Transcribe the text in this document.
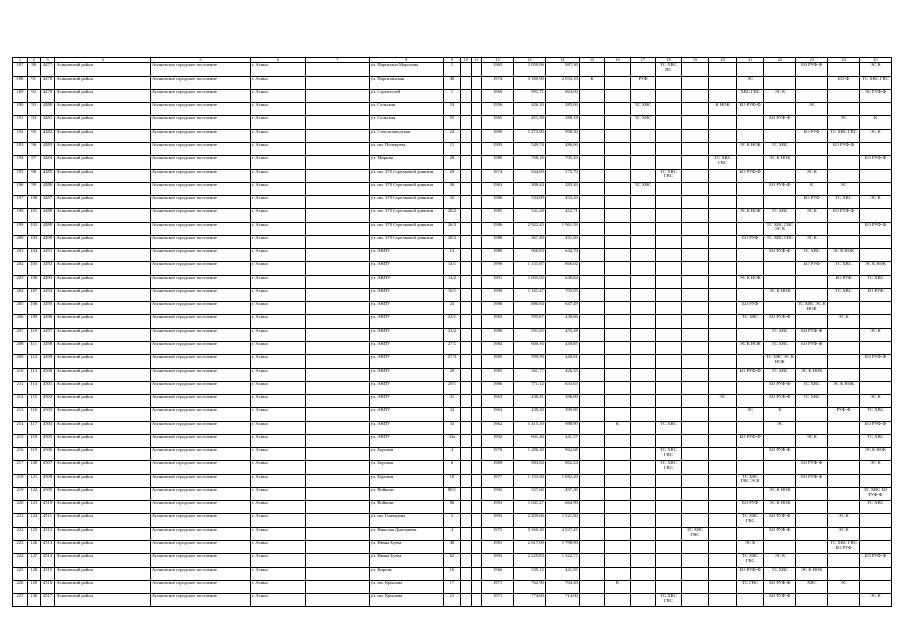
1	2	3	4	5	6	7	8	9	10	11	12	13	14	15	16	17	18	19	20	21	22	23	24	25
187	90	4477	Асиновский район	Асиновское городское поселение	г. Асино		ул. Партизана Морозова	1			1965	1 059,96	987,30				ТС ХВС ПС					БО РУФ-Ф		ЭС К
188	91	4478	Асиновский район	Асиновское городское поселение	г. Асино		ул. Партизанская	40			1974	3 180,90	2 033,10	К		РУФ				ЭС			БО-Ф	ТС ХВС ГВС
189	92	4479	Асиновский район	Асиновское городское поселение	г. Асино		ул. Строителей	1			1969	991,71	863,00							ХВС ГВС	ЭС К			ЭС РУФ-Ф
190	93	4480	Асиновский район	Асиновское городское поселение	г. Асино		ул. Сельская	53			1956	426,10	385,00			ТС ХВС			К НОК	БО РУФ-Ф		ЭС		
191	94	4481	Асиновский район	Асиновское городское поселение	г. Асино		ул. Сельская	55			1965	451,50	388,18			ТС ХВС					БО РУФ-Ф		ЭС	К
192	95	4482	Асиновский район	Асиновское городское поселение	г. Асино		ул. Стеклозаводская	24			1990	1 273,90	998,50									БО РУФ	ТС ХВС ГВС	ЭС К
193	96	4483	Асиновский район	Асиновское городское поселение	г. Асино		ул. им. Почекуева	11			1993	549,74	486,60							ЭС К НОК	ТС ХВС		БО РУФ-Ф	
194	97	4484	Асиновский район	Асиновское городское поселение	г. Асино		ул. Мирная	28			1980	768,16	705,10						ТС ХВС ГВС		ЭС К НОК			БО РУФ-Ф
195	98	4485	Асиновский район	Асиновское городское поселение	г. Асино		ул. им. 370 Стрелковой дивизии	29			1974	644,69	575,70				ТС ХВС ГВС			БО РУФ-Ф		ЭС К		
196	99	4486	Асиновский район	Асиновское городское поселение	г. Асино		ул. им. 370 Стрелковой дивизии	30			1963	308,44	283,20			ТС ХВС					БО РУФ-Ф	К	ЭС	
197	100	4487	Асиновский район	Асиновское городское поселение	г. Асино		ул. им. 370 Стрелковой дивизии	32			1986	534,09	453,20									БО РУФ	ТС ХВС	ЭС К
198	101	4488	Асиновский район	Асиновское городское поселение	г. Асино		ул. им. 370 Стрелковой дивизии	26/2			1985	541,28	452,71							ЭС К НОК	ТС ХВС	ЭС К	БО РУФ-Ф	
199	102	4489	Асиновский район	Асиновское городское поселение	г. Асино		ул. им. 370 Стрелковой дивизии	26/3			1986	2 922,45	1 961,59								ТС ХВС ГВС ЭС К			БО РУФ-Ф
200	103	4490	Асиновский район	Асиновское городское поселение	г. Асино		ул. им. 370 Стрелковой дивизии	28/2			1988	367,40	431,60							БО РУФ	ТС ХВС ГВС	ЭС К		
201	104	4491	Асиновский район	Асиновское городское поселение	г. Асино		ул. АВПУ	14			1980	966,83	644,70								БО РУФ-Ф	ТС ХВС	ЭС К НОК	
202	105	4492	Асиновский район	Асиновское городское поселение	г. Асино		ул. АВПУ	14/1			1990	1 131,67	866,02									БО РУФ	ТС ХВС	ЭС К НОК
203	106	4493	Асиновский район	Асиновское городское поселение	г. Асино		ул. АВПУ	14/2			1991	1 005,92	648,84							ЭС К НОК			БО РУФ	ТС ХВС
204	107	4494	Асиновский район	Асиновское городское поселение	г. Асино		ул. АВПУ	16/1			1990	1 161,47	705,05								ЭС К НОК		ТС ХВС	БО РУФ
205	108	4495	Асиновский район	Асиновское городское поселение	г. Асино		ул. АВПУ	23			1988	880,84	647,49							БО РУФ		ТС ХВС ЭС К НОК		
206	109	4496	Асиновский район	Асиновское городское поселение	г. Асино		ул. АВПУ	23/1			1983	595,67	430,66							ТС ХВС	БО РУФ-Ф		ЭС К	
207	110	4497	Асиновский район	Асиновское городское поселение	г. Асино		ул. АВПУ	23/2			1986	591,65	455,48								ТС ХВС	БО РУФ-Ф		ЭС К
208	111	4498	Асиновский район	Асиновское городское поселение	г. Асино		ул. АВПУ	27/1			1984	600,16	439,85							ЭС К НОК	ТС ХВС	БО РУФ-Ф		
209	112	4499	Асиновский район	Асиновское городское поселение	г. Асино		ул. АВПУ	27/3			1985	599,59	440,81								ТС ХВС ЭС К НОК			БО РУФ-Ф
210	113	4500	Асиновский район	Асиновское городское поселение	г. Асино		ул. АВПУ	29			1983	561,77	426,35							БО РУФ-Ф	ТС ХВС	ЭС К НОК		
211	114	4501	Асиновский район	Асиновское городское поселение	г. Асино		ул. АВПУ	29/1			1986	771,12	633,63								БО РУФ-Ф	ТС ХВС	ЭС К НОК	
212	115	4502	Асиновский район	Асиновское городское поселение	г. Асино		ул. АВПУ	31			1963	430,41	396,00						ЭС		БО РУФ-Ф	ТС ХВС		ЭС К
213	116	4503	Асиновский район	Асиновское городское поселение	г. Асино		ул. АВПУ	32			1963	439,20	399,80							ЭС	К		РУФ-Ф	ТС ХВС
214	117	4504	Асиновский район	Асиновское городское поселение	г. Асино		ул. АВПУ	33			1962	1 415,10	988,90		К		ТС ХВС				ЭС			БО РУФ-Ф
215	118	4505	Асиновский район	Асиновское городское поселение	г. Асино		ул. АВПУ	33а			1992	601,20	441,57							БО РУФ-Ф		ЭС К		ТС ХВС
216	119	4506	Асиновский район	Асиновское городское поселение	г. Асино		ул. Боровая	4			1970	1 286,30	962,68				ТС ХВС ГВС				БО РУФ-Ф			ЭС К НОК
217	120	4507	Асиновский район	Асиновское городское поселение	г. Асино		ул. Боровая	6			1969	983,84	862,24				ТС ХВС ГВС					БО РУФ-Ф		ЭС К
218	121	4508	Асиновский район	Асиновское городское поселение	г. Асино		ул. Боровая	19			1977	1 153,30	1 082,20							ТС ХВС ГВС ЭСК		БО РУФ-Ф		
219	122	4509	Асиновский район	Асиновское городское поселение	г. Асино		ул. Войкова	80/1			1992	557,60	497,30								ЭС К НОК			ТС ХВС БО РУФ-Ф
220	123	4510	Асиновский район	Асиновское городское поселение	г. Асино		ул. Войкова	86			1993	1 041,27	664,90							БО РУФ	ЭС К НОК			ТС ХВС
221	124	4511	Асиновский район	Асиновское городское поселение	г. Асино		ул. им. Гончарова	3			1993	2 209,66	1 521,60							ТС ХВС ГВС	БО РУФ-Ф		ЭС К	
222	125	4512	Асиновский район	Асиновское городское поселение	г. Асино		ул. Николая Дмитриева	4			1975	5 560,30	4 537,45					ТС ХВС ГВС			БО РУФ-Ф		ЭС К	
223	126	4513	Асиновский район	Асиновское городское поселение	г. Асино		ул. Ивана Буева	40			1981	2 617,00	1 798,90							ЭС К			ТС ХВС ГВС БО РУФ	
224	127	4514	Асиновский район	Асиновское городское поселение	г. Асино		ул. Ивана Буева	62			1993	2 229,83	1 322,77							ТС ХВС ГВС	ЭС К			БО РУФ-Ф
225	128	4515	Асиновский район	Асиновское городское поселение	г. Асино		ул. Кирова	16			1966	539,12	441,95							БО РУФ-Ф	ТС ХВС	ЭС К НОК		
226	129	4516	Асиновский район	Асиновское городское поселение	г. Асино		ул. им. Крылова	17			1971	762,90	704,20		К					ТС ГВС	БО РУФ-Ф	ХВС	ЭС	
227	130	4517	Асиновский район	Асиновское городское поселение	г. Асино		ул. им. Крылова	21			1971	774,60	714,00				ТС ХВС ГВС				БО РУФ-Ф			ЭС К
